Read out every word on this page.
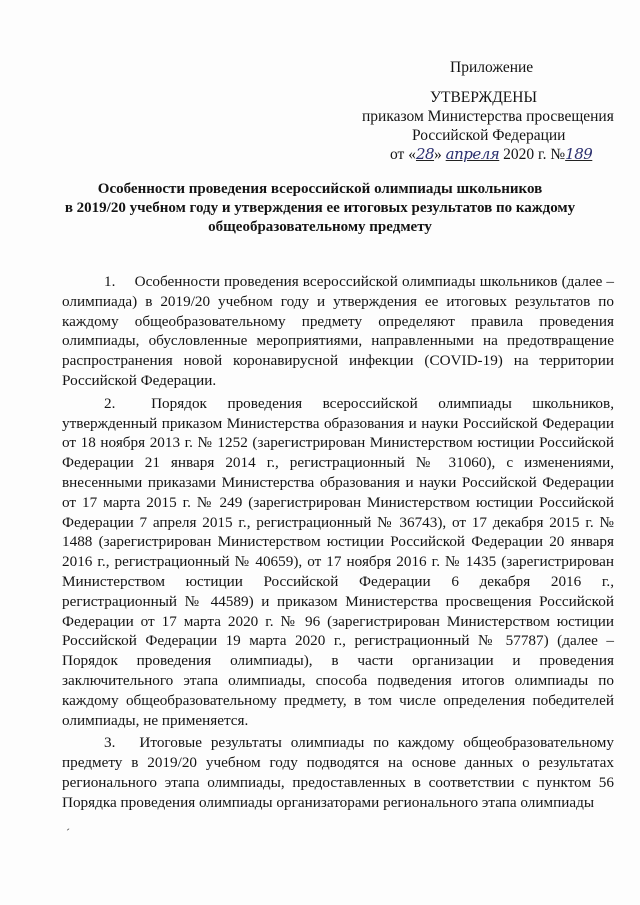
Приложение
УТВЕРЖДЕНЫ
приказом Министерства просвещения
Российской Федерации
от «28» апреля 2020 г. №189
Особенности проведения всероссийской олимпиады школьников
в 2019/20 учебном году и утверждения ее итоговых результатов по каждому
общеобразовательному предмету

1.  Особенности проведения всероссийской олимпиады школьников (далее – олимпиада) в 2019/20 учебном году и утверждения ее итоговых результатов по каждому общеобразовательному предмету определяют правила проведения олимпиады, обусловленные мероприятиями, направленными на предотвращение распространения новой коронавирусной инфекции (COVID-19) на территории Российской Федерации.

2.  Порядок проведения всероссийской олимпиады школьников, утвержденный приказом Министерства образования и науки Российской Федерации от 18 ноября 2013 г. № 1252 (зарегистрирован Министерством юстиции Российской Федерации 21 января 2014 г., регистрационный № 31060), с изменениями, внесенными приказами Министерства образования и науки Российской Федерации от 17 марта 2015 г. № 249 (зарегистрирован Министерством юстиции Российской Федерации 7 апреля 2015 г., регистрационный № 36743), от 17 декабря 2015 г. № 1488 (зарегистрирован Министерством юстиции Российской Федерации 20 января 2016 г., регистрационный № 40659), от 17 ноября 2016 г. № 1435 (зарегистрирован Министерством юстиции Российской Федерации 6 декабря 2016 г., регистрационный № 44589) и приказом Министерства просвещения Российской Федерации от 17 марта 2020 г. № 96 (зарегистрирован Министерством юстиции Российской Федерации 19 марта 2020 г., регистрационный № 57787) (далее – Порядок проведения олимпиады), в части организации и проведения заключительного этапа олимпиады, способа подведения итогов олимпиады по каждому общеобразовательному предмету, в том числе определения победителей олимпиады, не применяется.

3.  Итоговые результаты олимпиады по каждому общеобразовательному предмету в 2019/20 учебном году подводятся на основе данных о результатах регионального этапа олимпиады, предоставленных в соответствии с пунктом 56 Порядка проведения олимпиады организаторами регионального этапа олимпиады

ˊ
